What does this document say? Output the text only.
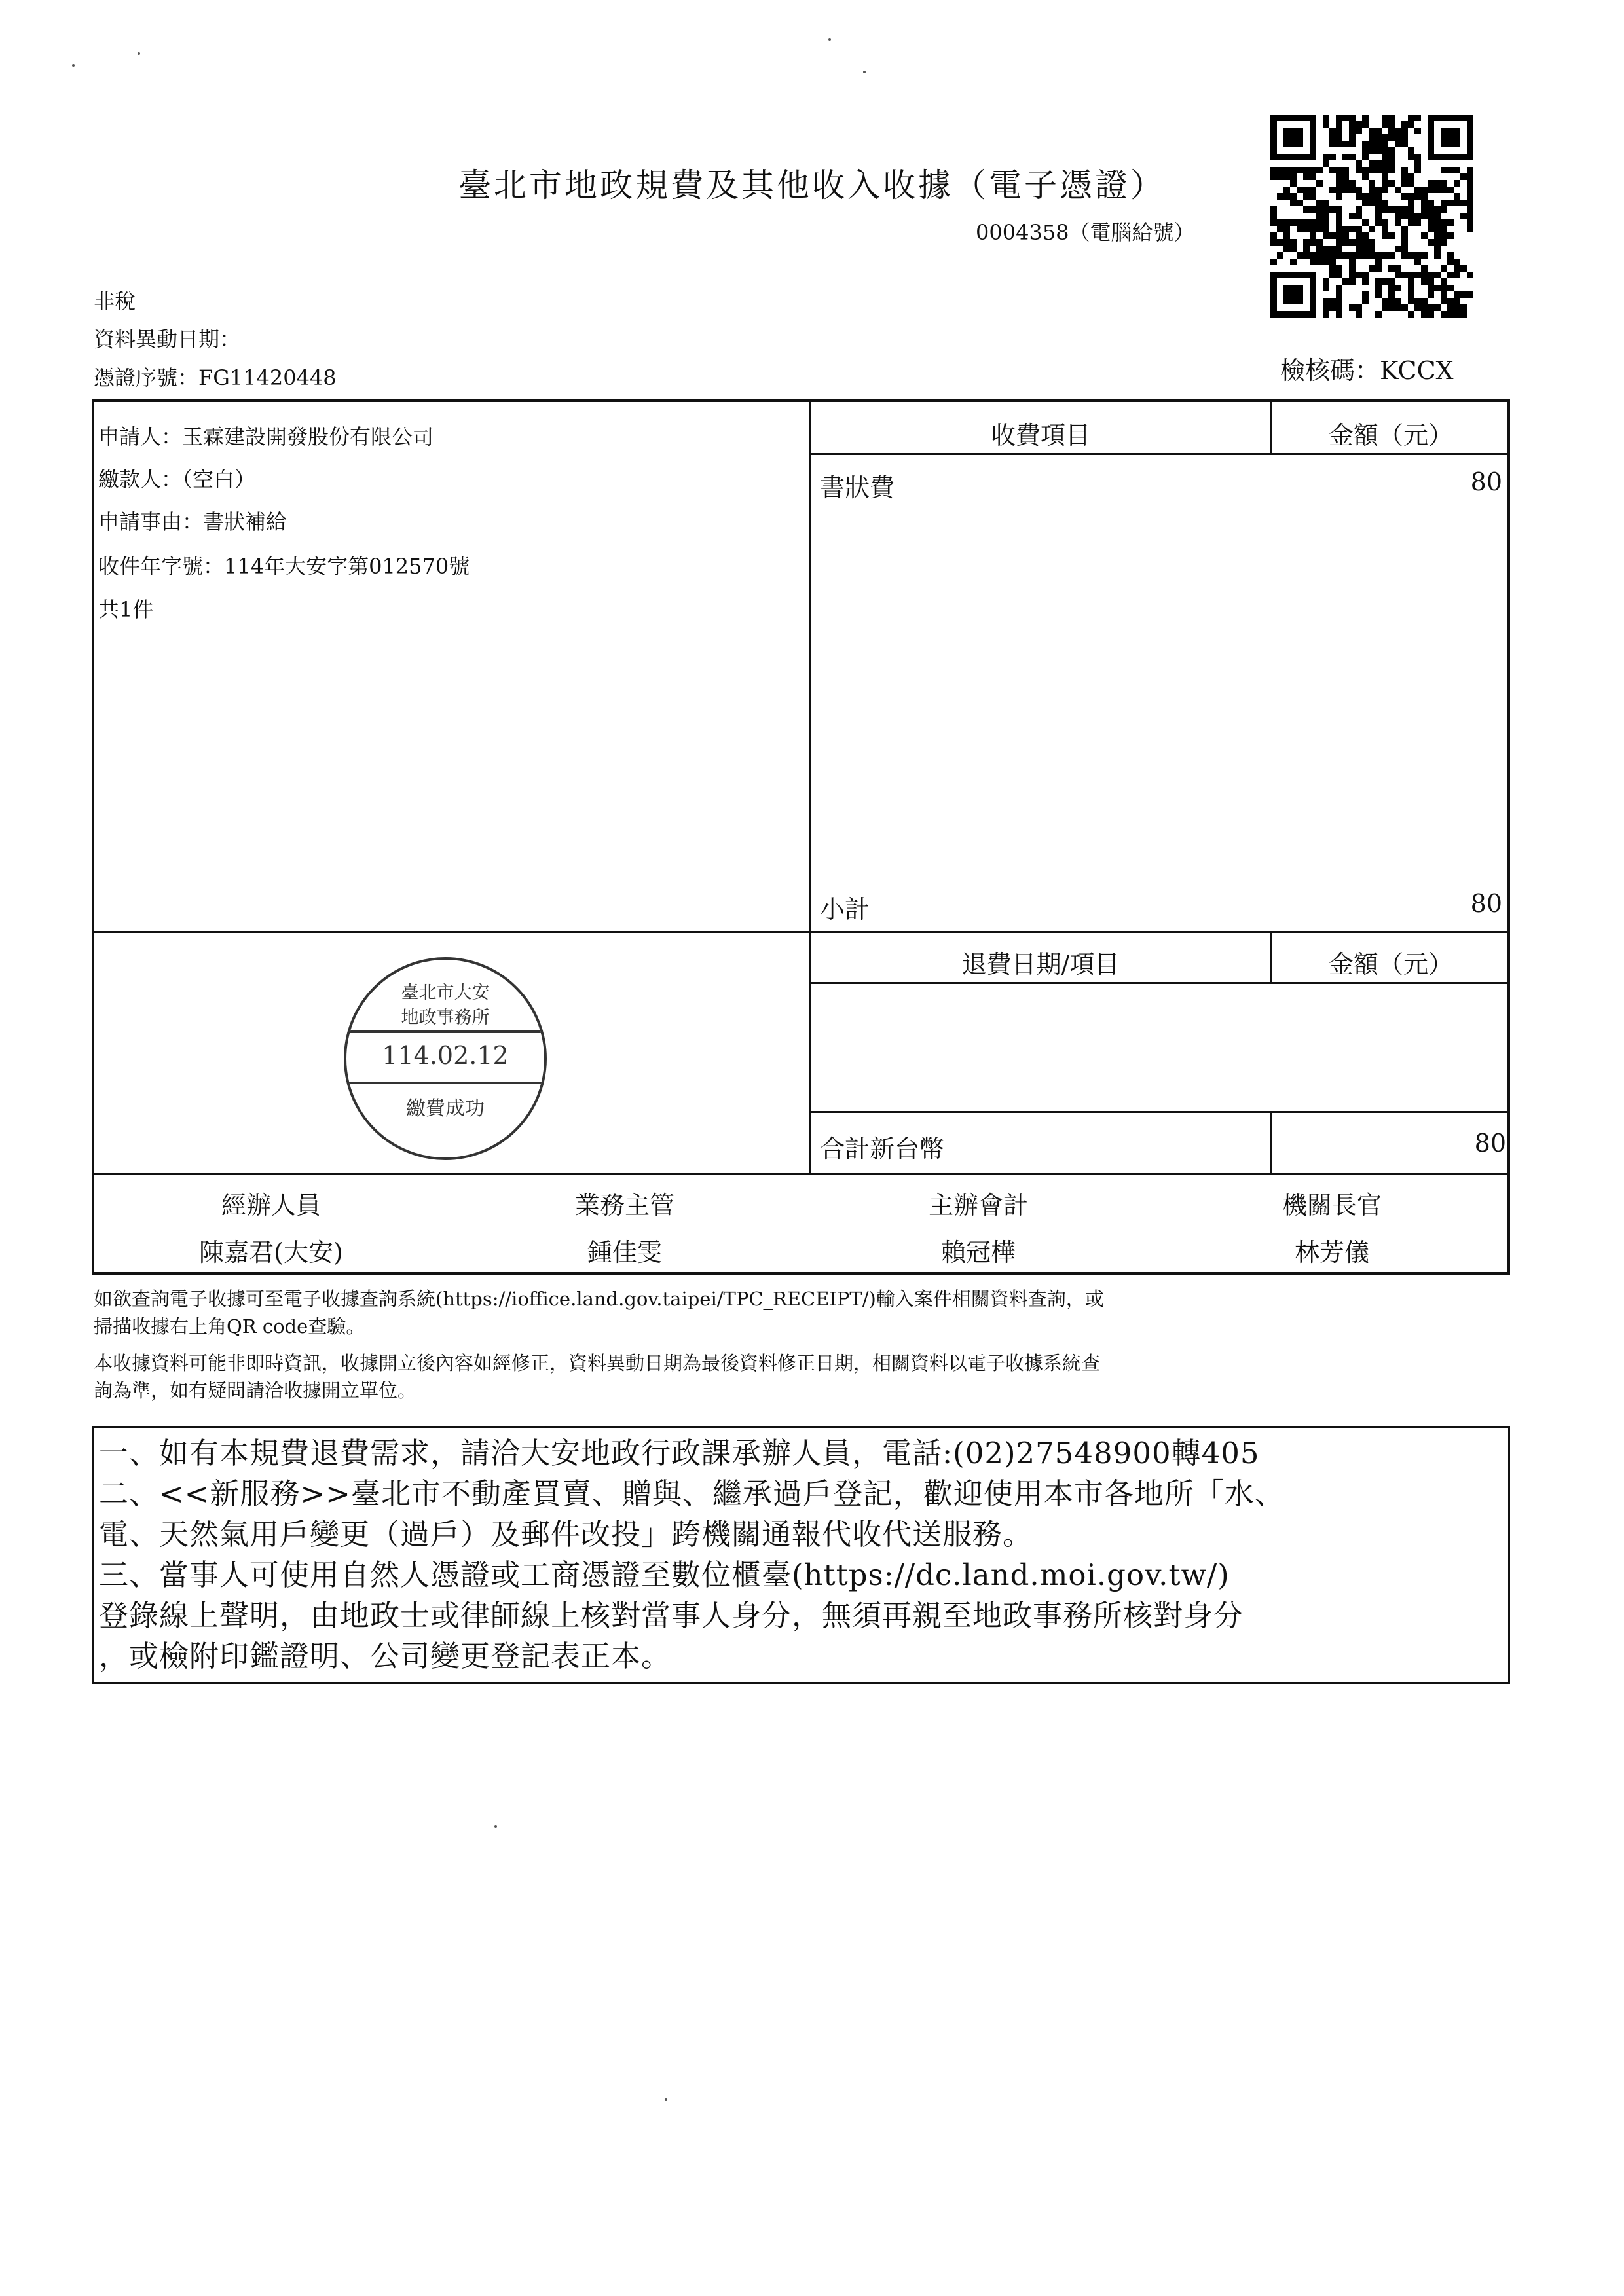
臺北市地政規費及其他收入收據（電子憑證）
0004358（電腦給號）
非稅
資料異動日期：
憑證序號：FG11420448	檢核碼：KCCX
申請人：玉霖建設開發股份有限公司
繳款人：（空白）
申請事由：書狀補給
收件年字號：114年大安字第012570號
共1件
收費項目	金額（元）
書狀費	80
小計	80
退費日期/項目	金額（元）
合計新台幣	80
經辦人員	業務主管	主辦會計	機關長官
陳嘉君(大安)	鍾佳雯	賴冠樺	林芳儀
臺北市大安
地政事務所
114.02.12
繳費成功
如欲查詢電子收據可至電子收據查詢系統(https://ioffice.land.gov.taipei/TPC_RECEIPT/)輸入案件相關資料查詢，或
掃描收據右上角QR code查驗。
本收據資料可能非即時資訊，收據開立後內容如經修正，資料異動日期為最後資料修正日期，相關資料以電子收據系統查
詢為準，如有疑問請洽收據開立單位。
一、如有本規費退費需求，請洽大安地政行政課承辦人員，電話:(02)27548900轉405
二、<<新服務>>臺北市不動產買賣、贈與、繼承過戶登記，歡迎使用本市各地所「水、
電、天然氣用戶變更（過戶）及郵件改投」跨機關通報代收代送服務。
三、當事人可使用自然人憑證或工商憑證至數位櫃臺(https://dc.land.moi.gov.tw/)
登錄線上聲明，由地政士或律師線上核對當事人身分，無須再親至地政事務所核對身分
，或檢附印鑑證明、公司變更登記表正本。
